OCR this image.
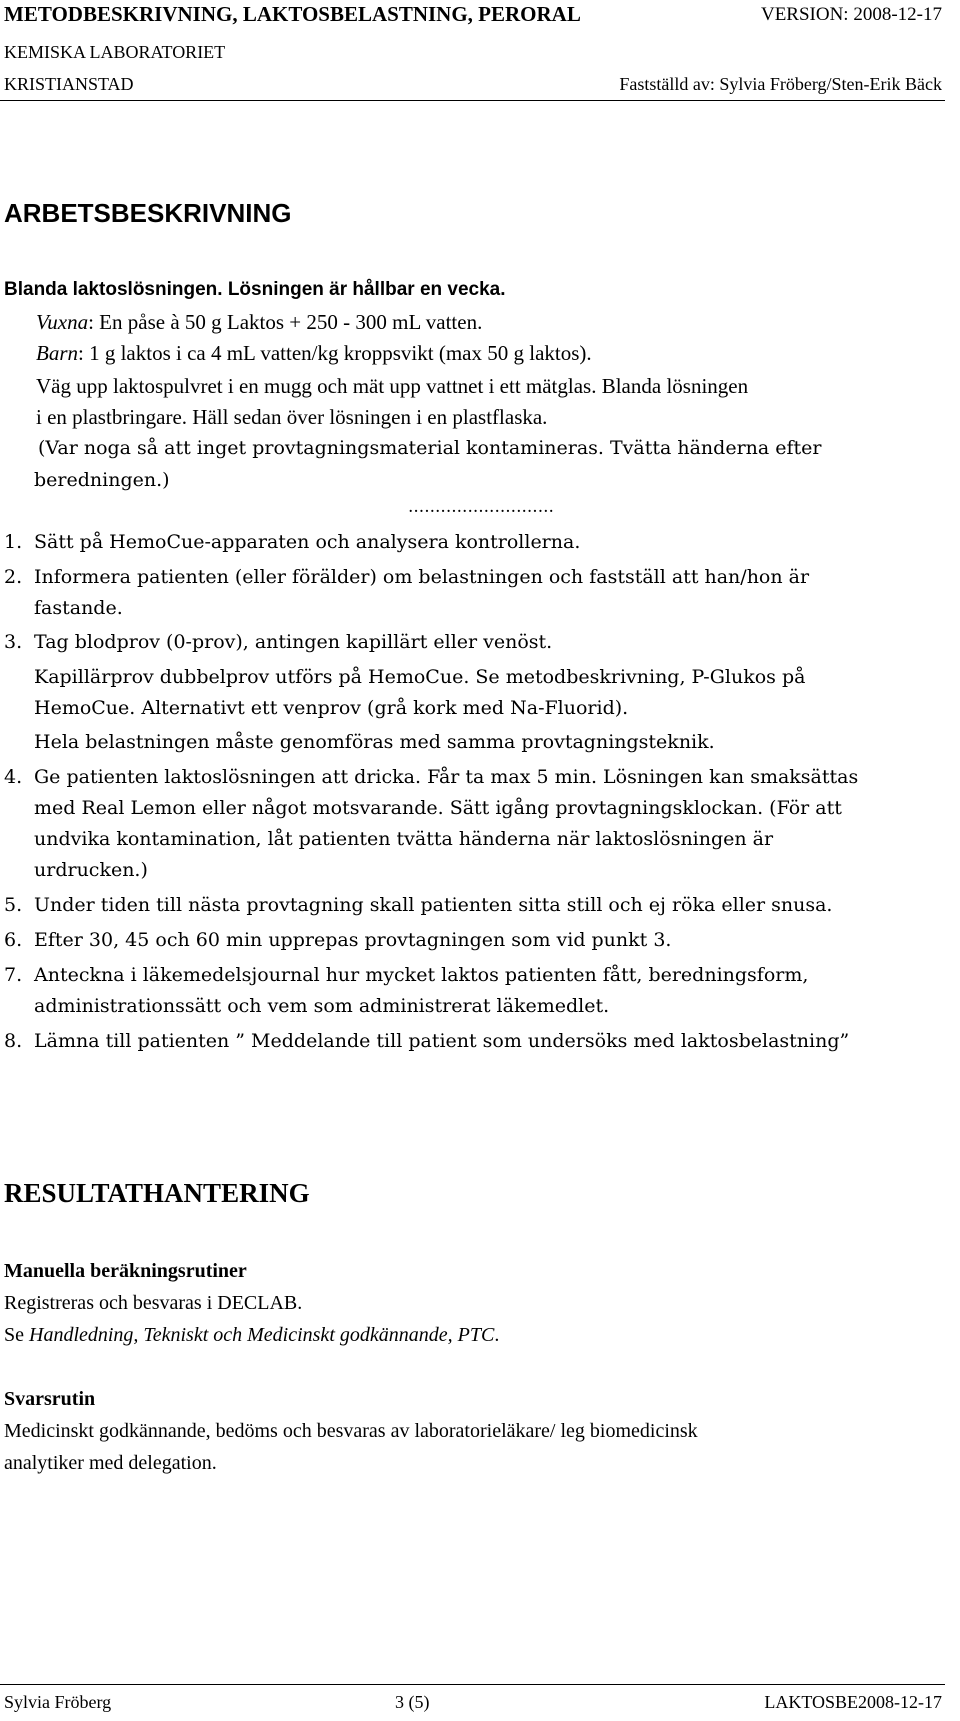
METODBESKRIVNING, LAKTOSBELASTNING, PERORAL	VERSION: 2008-12-17
KEMISKA LABORATORIET
KRISTIANSTAD	Fastställd av: Sylvia Fröberg/Sten-Erik Bäck
ARBETSBESKRIVNING
Blanda laktoslösningen. Lösningen är hållbar en vecka.
Vuxna: En påse à 50 g Laktos + 250 - 300 mL vatten.
Barn: 1 g laktos i ca 4 mL vatten/kg kroppsvikt (max 50 g laktos).
Väg upp laktospulvret i en mugg och mät upp vattnet i ett mätglas. Blanda lösningen
i en plastbringare. Häll sedan över lösningen i en plastflaska.
(Var noga så att inget provtagningsmaterial kontamineras. Tvätta händerna efter
beredningen.)
...........................
1. Sätt på HemoCue-apparaten och analysera kontrollerna.
2. Informera patienten (eller förälder) om belastningen och fastställ att han/hon är
fastande.
3. Tag blodprov (0-prov), antingen kapillärt eller venöst.
Kapillärprov dubbelprov utförs på HemoCue. Se metodbeskrivning, P-Glukos på
HemoCue. Alternativt ett venprov (grå kork med Na-Fluorid).
Hela belastningen måste genomföras med samma provtagningsteknik.
4. Ge patienten laktoslösningen att dricka. Får ta max 5 min. Lösningen kan smaksättas
med Real Lemon eller något motsvarande. Sätt igång provtagningsklockan. (För att
undvika kontamination, låt patienten tvätta händerna när laktoslösningen är
urdrucken.)
5. Under tiden till nästa provtagning skall patienten sitta still och ej röka eller snusa.
6. Efter 30, 45 och 60 min upprepas provtagningen som vid punkt 3.
7. Anteckna i läkemedelsjournal hur mycket laktos patienten fått, beredningsform,
administrationssätt och vem som administrerat läkemedlet.
8. Lämna till patienten ” Meddelande till patient som undersöks med laktosbelastning”
RESULTATHANTERING
Manuella beräkningsrutiner
Registreras och besvaras i DECLAB.
Se Handledning, Tekniskt och Medicinskt godkännande, PTC.
Svarsrutin
Medicinskt godkännande, bedöms och besvaras av laboratorieläkare/ leg biomedicinsk
analytiker med delegation.
Sylvia Fröberg	3 (5)	LAKTOSBE2008-12-17
